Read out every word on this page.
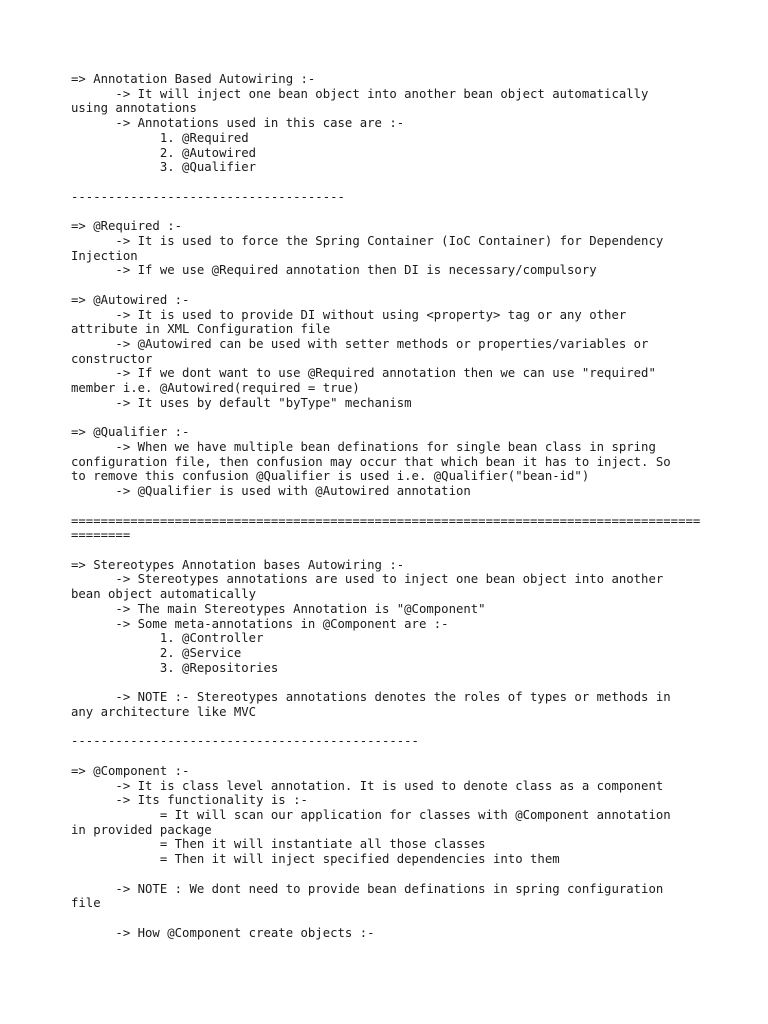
=> Annotation Based Autowiring :-
-> It will inject one bean object into another bean object automatically
using annotations
-> Annotations used in this case are :-
1. @Required
2. @Autowired
3. @Qualifier
-------------------------------------
=> @Required :-
-> It is used to force the Spring Container (IoC Container) for Dependency
Injection
-> If we use @Required annotation then DI is necessary/compulsory
=> @Autowired :-
-> It is used to provide DI without using <property> tag or any other
attribute in XML Configuration file
-> @Autowired can be used with setter methods or properties/variables or
constructor
-> If we dont want to use @Required annotation then we can use "required"
member i.e. @Autowired(required = true)
-> It uses by default "byType" mechanism
=> @Qualifier :-
-> When we have multiple bean definations for single bean class in spring
configuration file, then confusion may occur that which bean it has to inject. So
to remove this confusion @Qualifier is used i.e. @Qualifier("bean-id")
-> @Qualifier is used with @Autowired annotation
=====================================================================================
========
=> Stereotypes Annotation bases Autowiring :-
-> Stereotypes annotations are used to inject one bean object into another
bean object automatically
-> The main Stereotypes Annotation is "@Component"
-> Some meta-annotations in @Component are :-
1. @Controller
2. @Service
3. @Repositories
-> NOTE :- Stereotypes annotations denotes the roles of types or methods in
any architecture like MVC
-----------------------------------------------
=> @Component :-
-> It is class level annotation. It is used to denote class as a component
-> Its functionality is :-
= It will scan our application for classes with @Component annotation
in provided package
= Then it will instantiate all those classes
= Then it will inject specified dependencies into them
-> NOTE : We dont need to provide bean definations in spring configuration
file
-> How @Component create objects :-
